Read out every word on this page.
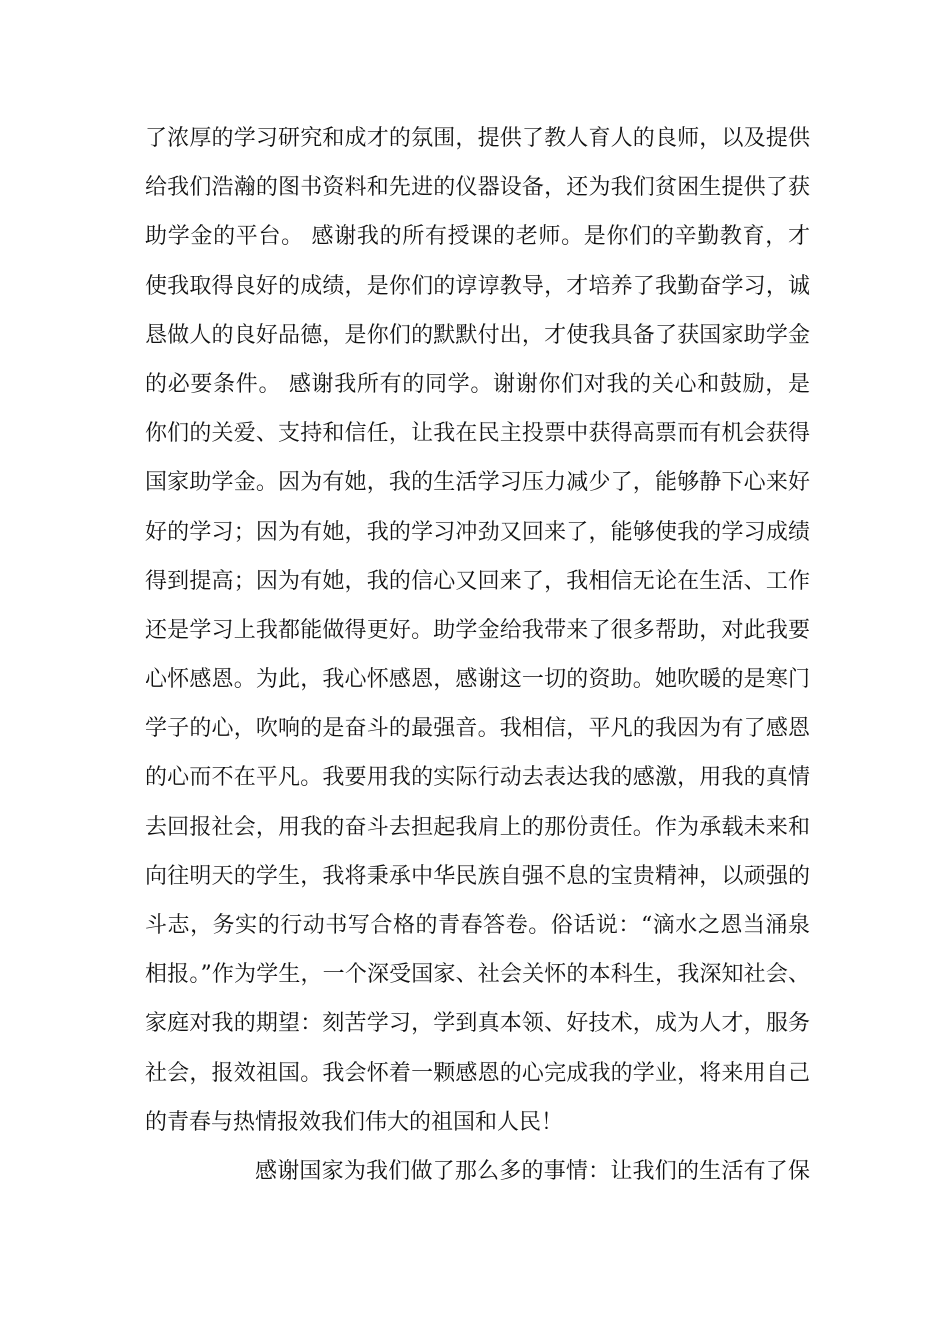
了浓厚的学习研究和成才的氛围，提供了教人育人的良师，以及提供
给我们浩瀚的图书资料和先进的仪器设备，还为我们贫困生提供了获
助学金的平台。 感谢我的所有授课的老师。是你们的辛勤教育，才
使我取得良好的成绩，是你们的谆谆教导，才培养了我勤奋学习，诚
恳做人的良好品德，是你们的默默付出，才使我具备了获国家助学金
的必要条件。 感谢我所有的同学。谢谢你们对我的关心和鼓励，是
你们的关爱、支持和信任，让我在民主投票中获得高票而有机会获得
国家助学金。因为有她，我的生活学习压力减少了，能够静下心来好
好的学习；因为有她，我的学习冲劲又回来了，能够使我的学习成绩
得到提高；因为有她，我的信心又回来了，我相信无论在生活、工作
还是学习上我都能做得更好。助学金给我带来了很多帮助，对此我要
心怀感恩。为此，我心怀感恩，感谢这一切的资助。她吹暖的是寒门
学子的心，吹响的是奋斗的最强音。我相信，平凡的我因为有了感恩
的心而不在平凡。我要用我的实际行动去表达我的感激，用我的真情
去回报社会，用我的奋斗去担起我肩上的那份责任。作为承载未来和
向往明天的学生，我将秉承中华民族自强不息的宝贵精神，以顽强的
斗志，务实的行动书写合格的青春答卷。俗话说：“滴水之恩当涌泉
相报。”作为学生，一个深受国家、社会关怀的本科生，我深知社会、
家庭对我的期望：刻苦学习，学到真本领、好技术，成为人才，服务
社会，报效祖国。我会怀着一颗感恩的心完成我的学业，将来用自己
的青春与热情报效我们伟大的祖国和人民！
感谢国家为我们做了那么多的事情：让我们的生活有了保
